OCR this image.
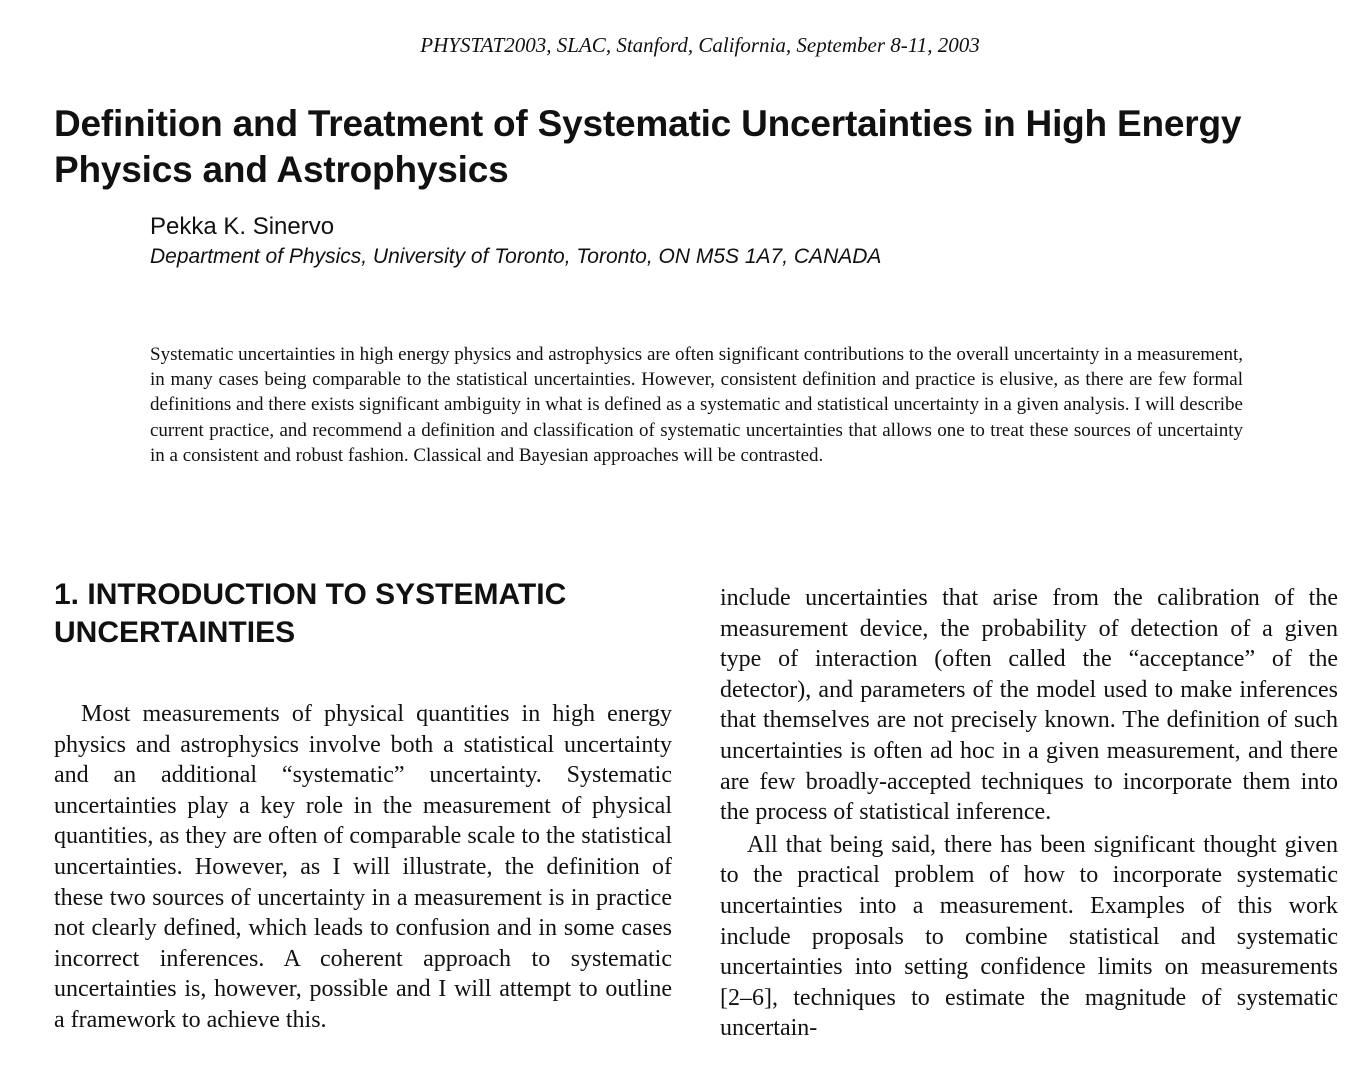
PHYSTAT2003, SLAC, Stanford, California, September 8-11, 2003
Definition and Treatment of Systematic Uncertainties in High Energy Physics and Astrophysics
Pekka K. Sinervo
Department of Physics, University of Toronto, Toronto, ON M5S 1A7, CANADA

Systematic uncertainties in high energy physics and astrophysics are often significant contributions to the overall uncertainty in a measurement, in many cases being comparable to the statistical uncertainties. However, consistent definition and practice is elusive, as there are few formal definitions and there exists significant ambiguity in what is defined as a systematic and statistical uncertainty in a given analysis. I will describe current practice, and recommend a definition and classification of systematic uncertainties that allows one to treat these sources of uncertainty in a consistent and robust fashion. Classical and Bayesian approaches will be contrasted.

1. INTRODUCTION TO SYSTEMATIC UNCERTAINTIES

Most measurements of physical quantities in high energy physics and astrophysics involve both a statistical uncertainty and an additional “systematic” uncertainty. Systematic uncertainties play a key role in the measurement of physical quantities, as they are often of comparable scale to the statistical uncertainties. However, as I will illustrate, the definition of these two sources of uncertainty in a measurement is in practice not clearly defined, which leads to confusion and in some cases incorrect inferences. A coherent approach to systematic uncertainties is, however, possible and I will attempt to outline a framework to achieve this.

include uncertainties that arise from the calibration of the measurement device, the probability of detection of a given type of interaction (often called the “acceptance” of the detector), and parameters of the model used to make inferences that themselves are not precisely known. The definition of such uncertainties is often ad hoc in a given measurement, and there are few broadly-accepted techniques to incorporate them into the process of statistical inference.

All that being said, there has been significant thought given to the practical problem of how to incorporate systematic uncertainties into a measurement. Examples of this work include proposals to combine statistical and systematic uncertainties into setting confidence limits on measurements [2–6], techniques to estimate the magnitude of systematic uncertain-
